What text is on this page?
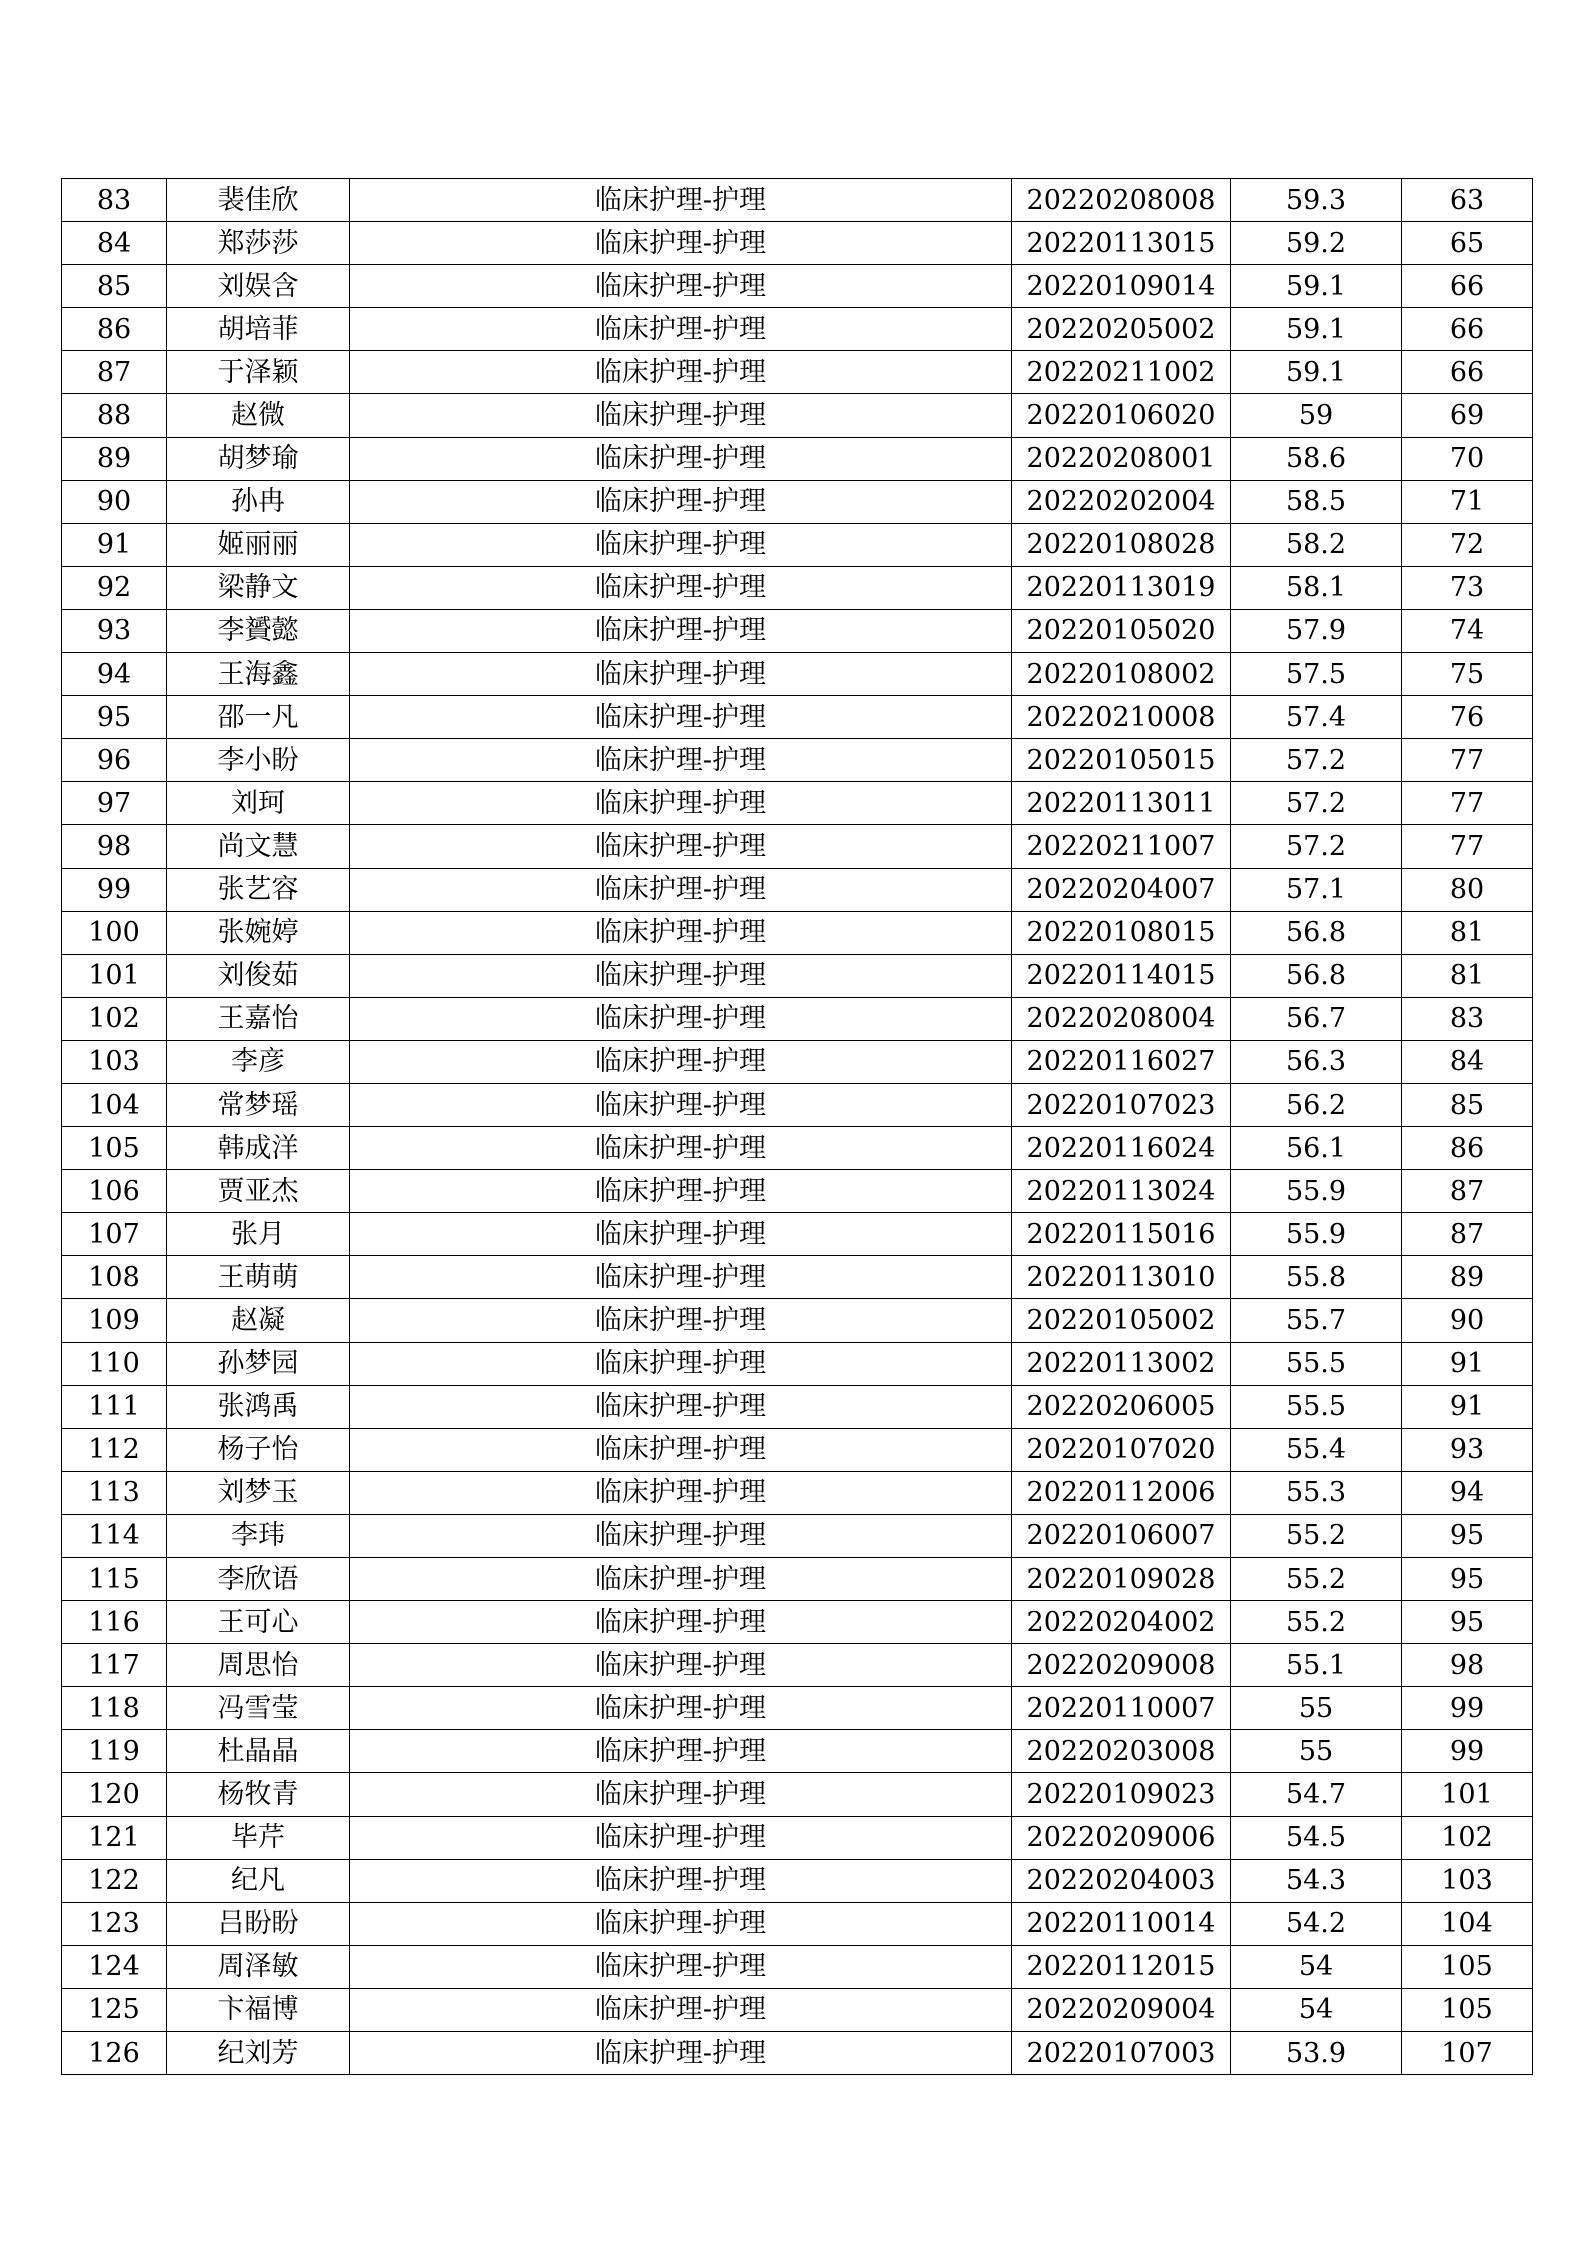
83	裴佳欣	临床护理-护理	20220208008	59.3	63
84	郑莎莎	临床护理-护理	20220113015	59.2	65
85	刘娱含	临床护理-护理	20220109014	59.1	66
86	胡培菲	临床护理-护理	20220205002	59.1	66
87	于泽颖	临床护理-护理	20220211002	59.1	66
88	赵微	临床护理-护理	20220106020	59	69
89	胡梦瑜	临床护理-护理	20220208001	58.6	70
90	孙冉	临床护理-护理	20220202004	58.5	71
91	姬丽丽	临床护理-护理	20220108028	58.2	72
92	梁静文	临床护理-护理	20220113019	58.1	73
93	李贇懿	临床护理-护理	20220105020	57.9	74
94	王海鑫	临床护理-护理	20220108002	57.5	75
95	邵一凡	临床护理-护理	20220210008	57.4	76
96	李小盼	临床护理-护理	20220105015	57.2	77
97	刘珂	临床护理-护理	20220113011	57.2	77
98	尚文慧	临床护理-护理	20220211007	57.2	77
99	张艺容	临床护理-护理	20220204007	57.1	80
100	张婉婷	临床护理-护理	20220108015	56.8	81
101	刘俊茹	临床护理-护理	20220114015	56.8	81
102	王嘉怡	临床护理-护理	20220208004	56.7	83
103	李彦	临床护理-护理	20220116027	56.3	84
104	常梦瑶	临床护理-护理	20220107023	56.2	85
105	韩成洋	临床护理-护理	20220116024	56.1	86
106	贾亚杰	临床护理-护理	20220113024	55.9	87
107	张月	临床护理-护理	20220115016	55.9	87
108	王萌萌	临床护理-护理	20220113010	55.8	89
109	赵凝	临床护理-护理	20220105002	55.7	90
110	孙梦园	临床护理-护理	20220113002	55.5	91
111	张鸿禹	临床护理-护理	20220206005	55.5	91
112	杨子怡	临床护理-护理	20220107020	55.4	93
113	刘梦玉	临床护理-护理	20220112006	55.3	94
114	李玮	临床护理-护理	20220106007	55.2	95
115	李欣语	临床护理-护理	20220109028	55.2	95
116	王可心	临床护理-护理	20220204002	55.2	95
117	周思怡	临床护理-护理	20220209008	55.1	98
118	冯雪莹	临床护理-护理	20220110007	55	99
119	杜晶晶	临床护理-护理	20220203008	55	99
120	杨牧青	临床护理-护理	20220109023	54.7	101
121	毕芹	临床护理-护理	20220209006	54.5	102
122	纪凡	临床护理-护理	20220204003	54.3	103
123	吕盼盼	临床护理-护理	20220110014	54.2	104
124	周泽敏	临床护理-护理	20220112015	54	105
125	卞福博	临床护理-护理	20220209004	54	105
126	纪刘芳	临床护理-护理	20220107003	53.9	107
